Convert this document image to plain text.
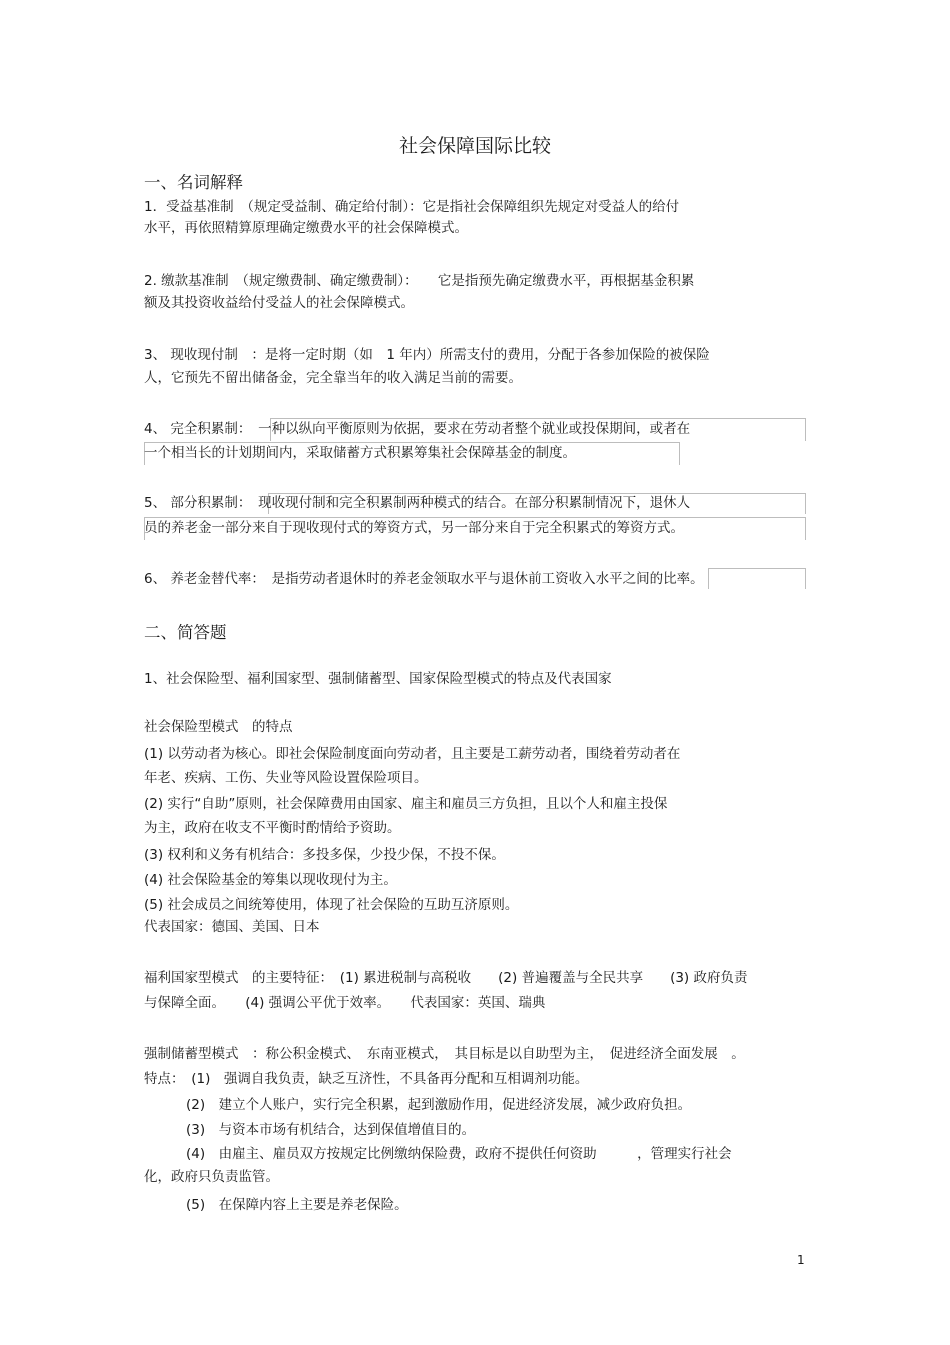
社会保障国际比较
一、名词解释
1．受益基准制　（规定受益制、确定给付制）：它是指社会保障组织先规定对受益人的给付
水平，再依照精算原理确定缴费水平的社会保障模式。
2. 缴款基准制　（规定缴费制、确定缴费制）：　　它是指预先确定缴费水平，再根据基金积累
额及其投资收益给付受益人的社会保障模式。
3、 现收现付制　：是将一定时期（如　1 年内）所需支付的费用，分配于各参加保险的被保险
人，它预先不留出储备金，完全靠当年的收入满足当前的需要。
4、 完全积累制：　一种以纵向平衡原则为依据，要求在劳动者整个就业或投保期间，或者在
一个相当长的计划期间内，采取储蓄方式积累筹集社会保障基金的制度。
5、 部分积累制：　现收现付制和完全积累制两种模式的结合。在部分积累制情况下，退休人
员的养老金一部分来自于现收现付式的筹资方式，另一部分来自于完全积累式的筹资方式。
6、 养老金替代率：　是指劳动者退休时的养老金领取水平与退休前工资收入水平之间的比率。
二、简答题
1、社会保险型、福利国家型、强制储蓄型、国家保险型模式的特点及代表国家
社会保险型模式　的特点
(1) 以劳动者为核心。即社会保险制度面向劳动者，且主要是工薪劳动者，围绕着劳动者在
年老、疾病、工伤、失业等风险设置保险项目。
(2) 实行“自助”原则，社会保障费用由国家、雇主和雇员三方负担，且以个人和雇主投保
为主，政府在收支不平衡时酌情给予资助。
(3) 权利和义务有机结合：多投多保，少投少保，不投不保。
(4) 社会保险基金的筹集以现收现付为主。
(5) 社会成员之间统筹使用，体现了社会保险的互助互济原则。
代表国家：德国、美国、日本
福利国家型模式　的主要特征：　(1) 累进税制与高税收　　(2) 普遍覆盖与全民共享　　(3) 政府负责
与保障全面。　　(4) 强调公平优于效率。　　代表国家：英国、瑞典
强制储蓄型模式　：称公积金模式、　东南亚模式，　其目标是以自助型为主，　促进经济全面发展　。
特点：　(1)　强调自我负责，缺乏互济性，不具备再分配和互相调剂功能。
(2)　建立个人账户，实行完全积累，起到激励作用，促进经济发展，减少政府负担。
(3)　与资本市场有机结合，达到保值增值目的。
(4)　由雇主、雇员双方按规定比例缴纳保险费，政府不提供任何资助　　　，管理实行社会
化，政府只负责监管。
(5)　在保障内容上主要是养老保险。
1
